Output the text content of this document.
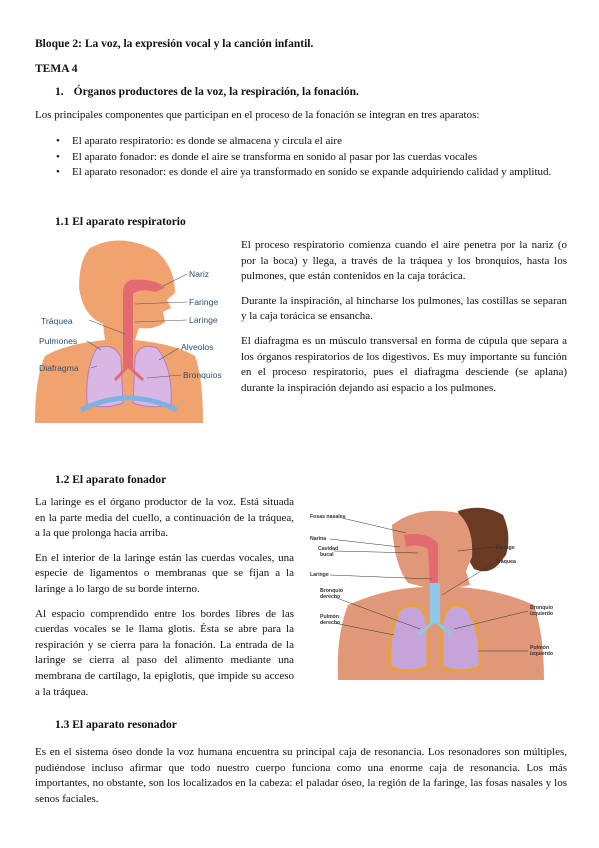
Bloque 2: La voz, la expresión vocal y la canción infantil.

TEMA 4

1. Órganos productores de la voz, la respiración, la fonación.

Los principales componentes que participan en el proceso de la fonación se integran en tres aparatos:

• El aparato respiratorio: es donde se almacena y circula el aire
• El aparato fonador: es donde el aire se transforma en sonido al pasar por las cuerdas vocales
• El aparato resonador: es donde el aire ya transformado en sonido se expande adquiriendo calidad y amplitud.

1.1 El aparato respiratorio

Nariz
Faringe
Tráquea	Laringe
Pulmones
Alveolos
Diafragma
Bronquios

El proceso respiratorio comienza cuando el aire penetra por la nariz (o por la boca) y llega, a través de la tráquea y los bronquios, hasta los pulmones, que están contenidos en la caja torácica.

Durante la inspiración, al hincharse los pulmones, las costillas se separan y la caja torácica se ensancha.

El diafragma es un músculo transversal en forma de cúpula que separa a los órganos respiratorios de los digestivos. Es muy importante su función en el proceso respiratorio, pues el diafragma desciende (se aplana) durante la inspiración dejando así espacio a los pulmones.

1.2 El aparato fonador

La laringe es el órgano productor de la voz. Está situada en la parte media del cuello, a continuación de la tráquea, a la que prolonga hacia arriba.

En el interior de la laringe están las cuerdas vocales, una especie de ligamentos o membranas que se fijan a la laringe a lo largo de su borde interno.

Al espacio comprendido entre los bordes libres de las cuerdas vocales se le llama glotis. Ésta se abre para la respiración y se cierra para la fonación. La entrada de la laringe se cierra al paso del alimento mediante una membrana de cartílago, la epiglotis, que impide su acceso a la tráquea.

Fosas nasales
Narina
Cavidad
bucal
Laringe
Bronquio
derecho
Pulmón
derecho
Faringe
Tráquea
Bronquio
izquierdo
Pulmón
izquierdo

1.3 El aparato resonador

Es en el sistema óseo donde la voz humana encuentra su principal caja de resonancia. Los resonadores son múltiples, pudiéndose incluso afirmar que todo nuestro cuerpo funciona como una enorme caja de resonancia. Los más importantes, no obstante, son los localizados en la cabeza: el paladar óseo, la región de la faringe, las fosas nasales y los senos faciales.
